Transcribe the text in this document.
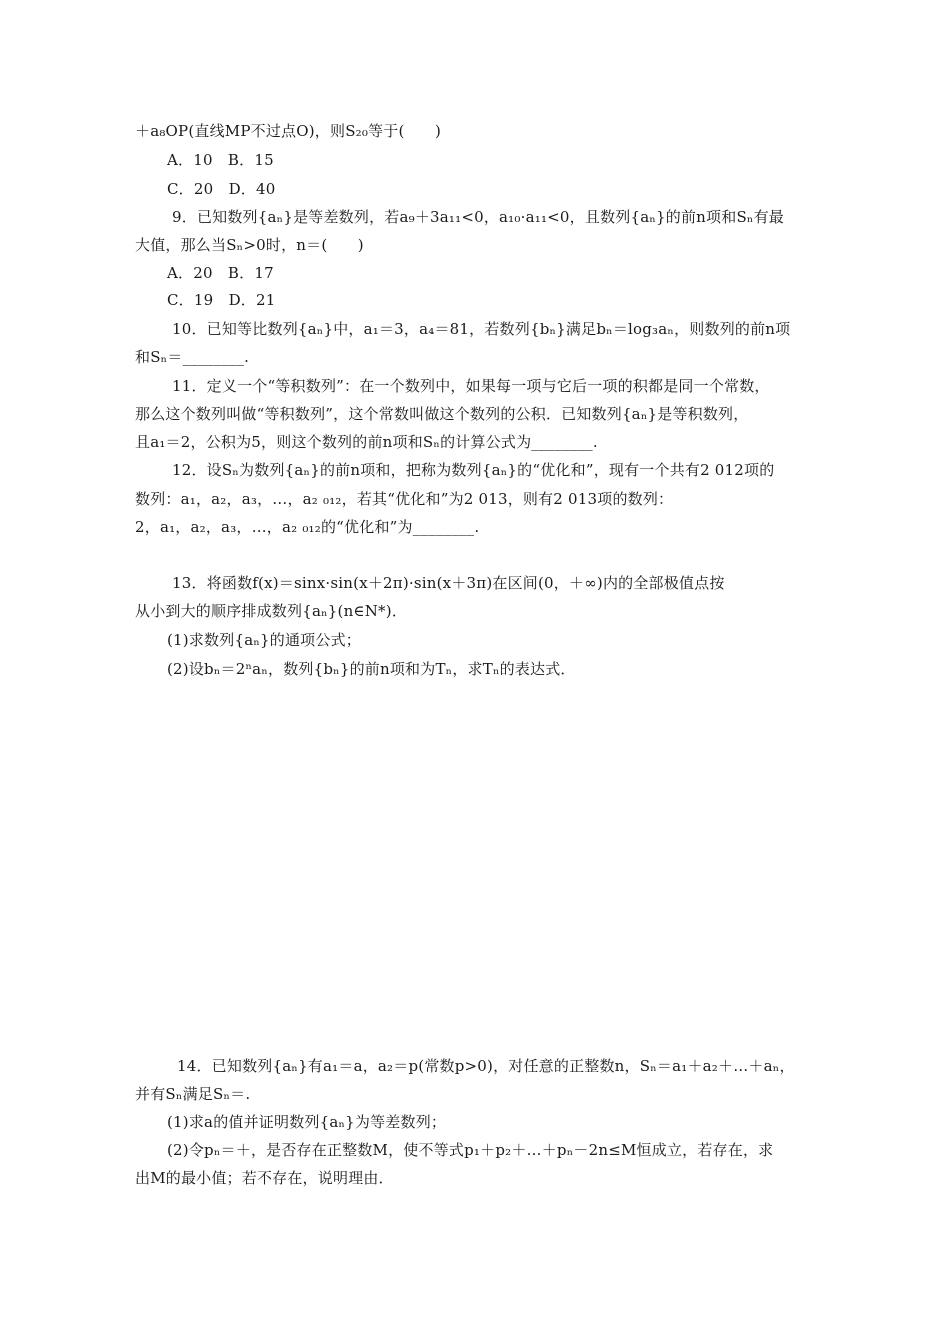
＋a₈OP(直线MP不过点O)，则S₂₀等于(　　)
A．10　B．15
C．20　D．40
9．已知数列{aₙ}是等差数列，若a₉＋3a₁₁<0，a₁₀·a₁₁<0，且数列{aₙ}的前n项和Sₙ有最
大值，那么当Sₙ>0时，n＝(　　)
A．20　B．17
C．19　D．21
10．已知等比数列{aₙ}中，a₁＝3，a₄＝81，若数列{bₙ}满足bₙ＝log₃aₙ，则数列的前n项
和Sₙ＝________.
11．定义一个“等积数列”：在一个数列中，如果每一项与它后一项的积都是同一个常数，
那么这个数列叫做“等积数列”，这个常数叫做这个数列的公积．已知数列{aₙ}是等积数列，
且a₁＝2，公积为5，则这个数列的前n项和Sₙ的计算公式为________.
12．设Sₙ为数列{aₙ}的前n项和，把称为数列{aₙ}的“优化和”，现有一个共有2 012项的
数列：a₁，a₂，a₃，…，a₂ ₀₁₂，若其“优化和”为2 013，则有2 013项的数列：
2，a₁，a₂，a₃，…，a₂ ₀₁₂的“优化和”为________.
13．将函数f(x)＝sinx·sin(x＋2π)·sin(x＋3π)在区间(0，＋∞)内的全部极值点按
从小到大的顺序排成数列{aₙ}(n∈N*)．
(1)求数列{aₙ}的通项公式；
(2)设bₙ＝2ⁿaₙ，数列{bₙ}的前n项和为Tₙ，求Tₙ的表达式．
14．已知数列{aₙ}有a₁＝a，a₂＝p(常数p>0)，对任意的正整数n，Sₙ＝a₁＋a₂＋…＋aₙ，
并有Sₙ满足Sₙ＝.
(1)求a的值并证明数列{aₙ}为等差数列；
(2)令pₙ＝＋，是否存在正整数M，使不等式p₁＋p₂＋…＋pₙ－2n≤M恒成立，若存在，求
出M的最小值；若不存在，说明理由．
